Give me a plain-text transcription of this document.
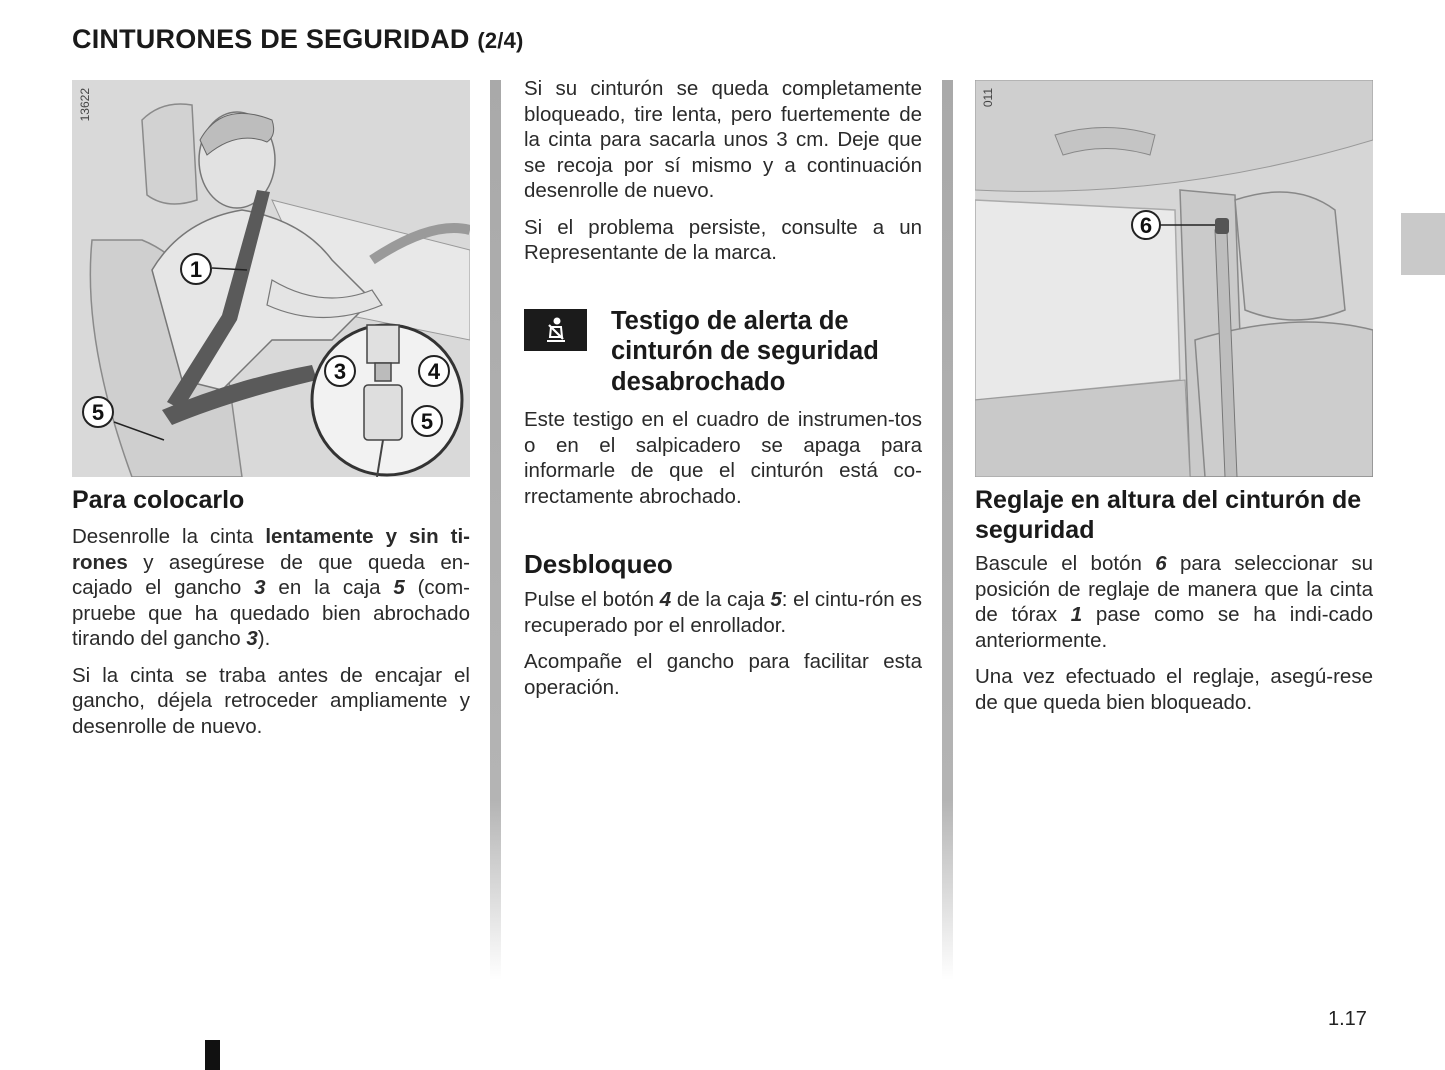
CINTURONES DE SEGURIDAD (2/4)
1.17
1
3	4
5	5
13622
Para colocarlo

Desenrolle la cinta lentamente y sin ti-rones y asegúrese de que queda en-cajado el gancho 3 en la caja 5 (com-pruebe que ha quedado bien abrochado tirando del gancho 3).

Si la cinta se traba antes de encajar el gancho, déjela retroceder ampliamente y desenrolle de nuevo.

Si su cinturón se queda completamente bloqueado, tire lenta, pero fuertemente de la cinta para sacarla unos 3 cm. Deje que se recoja por sí mismo y a continuación desenrolle de nuevo.

Si el problema persiste, consulte a un Representante de la marca.

Testigo de alerta de cinturón de seguridad desabrochado

Este testigo en el cuadro de instrumen-tos o en el salpicadero se apaga para informarle de que el cinturón está co-rrectamente abrochado.

Desbloqueo

Pulse el botón 4 de la caja 5: el cintu-rón es recuperado por el enrollador.

Acompañe el gancho para facilitar esta operación.

6
011
Reglaje en altura del cinturón de seguridad

Bascule el botón 6 para seleccionar su posición de reglaje de manera que la cinta de tórax 1 pase como se ha indi-cado anteriormente.

Una vez efectuado el reglaje, asegú-rese de que queda bien bloqueado.
